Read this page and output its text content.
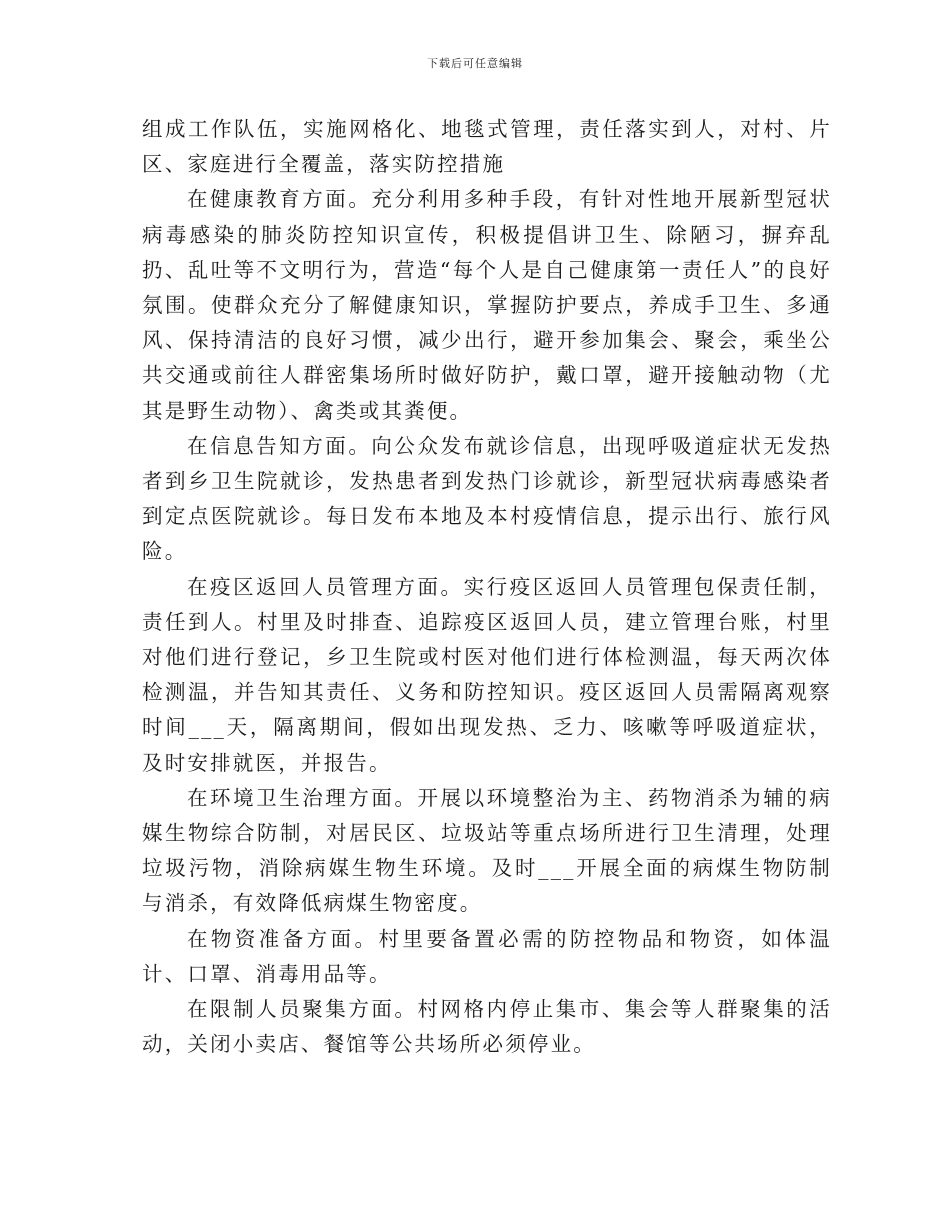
下载后可任意编辑

组成工作队伍，实施网格化、地毯式管理，责任落实到人，对村、片区、家庭进行全覆盖，落实防控措施

在健康教育方面。充分利用多种手段，有针对性地开展新型冠状病毒感染的肺炎防控知识宣传，积极提倡讲卫生、除陋习，摒弃乱扔、乱吐等不文明行为，营造“每个人是自己健康第一责任人”的良好氛围。使群众充分了解健康知识，掌握防护要点，养成手卫生、多通风、保持清洁的良好习惯，减少出行，避开参加集会、聚会，乘坐公共交通或前往人群密集场所时做好防护，戴口罩，避开接触动物（尤其是野生动物）、禽类或其粪便。

在信息告知方面。向公众发布就诊信息，出现呼吸道症状无发热者到乡卫生院就诊，发热患者到发热门诊就诊，新型冠状病毒感染者到定点医院就诊。每日发布本地及本村疫情信息，提示出行、旅行风险。

在疫区返回人员管理方面。实行疫区返回人员管理包保责任制，责任到人。村里及时排查、追踪疫区返回人员，建立管理台账，村里对他们进行登记，乡卫生院或村医对他们进行体检测温，每天两次体检测温，并告知其责任、义务和防控知识。疫区返回人员需隔离观察时间___天，隔离期间，假如出现发热、乏力、咳嗽等呼吸道症状，及时安排就医，并报告。

在环境卫生治理方面。开展以环境整治为主、药物消杀为辅的病媒生物综合防制，对居民区、垃圾站等重点场所进行卫生清理，处理垃圾污物，消除病媒生物生环境。及时___开展全面的病煤生物防制与消杀，有效降低病煤生物密度。

在物资准备方面。村里要备置必需的防控物品和物资，如体温计、口罩、消毒用品等。

在限制人员聚集方面。村网格内停止集市、集会等人群聚集的活动，关闭小卖店、餐馆等公共场所必须停业。
